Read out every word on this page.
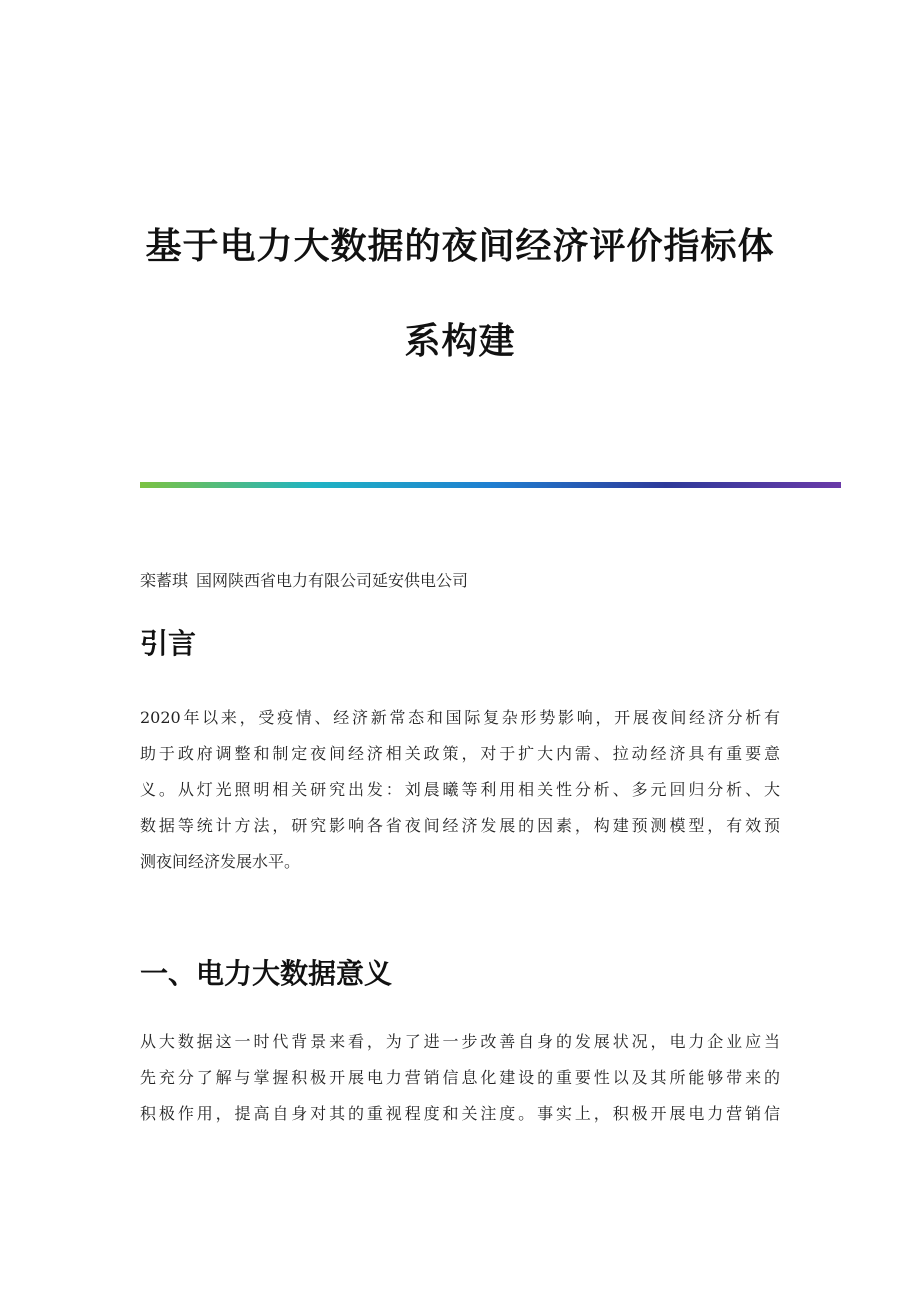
基于电力大数据的夜间经济评价指标体
系构建
栾蓄琪 国网陕西省电力有限公司延安供电公司
引言
2020年以来，受疫情、经济新常态和国际复杂形势影响，开展夜间经济分析有
助于政府调整和制定夜间经济相关政策，对于扩大内需、拉动经济具有重要意
义。从灯光照明相关研究出发：刘晨曦等利用相关性分析、多元回归分析、大
数据等统计方法，研究影响各省夜间经济发展的因素，构建预测模型，有效预
测夜间经济发展水平。
一、电力大数据意义
从大数据这一时代背景来看，为了进一步改善自身的发展状况，电力企业应当
先充分了解与掌握积极开展电力营销信息化建设的重要性以及其所能够带来的
积极作用，提高自身对其的重视程度和关注度。事实上，积极开展电力营销信
